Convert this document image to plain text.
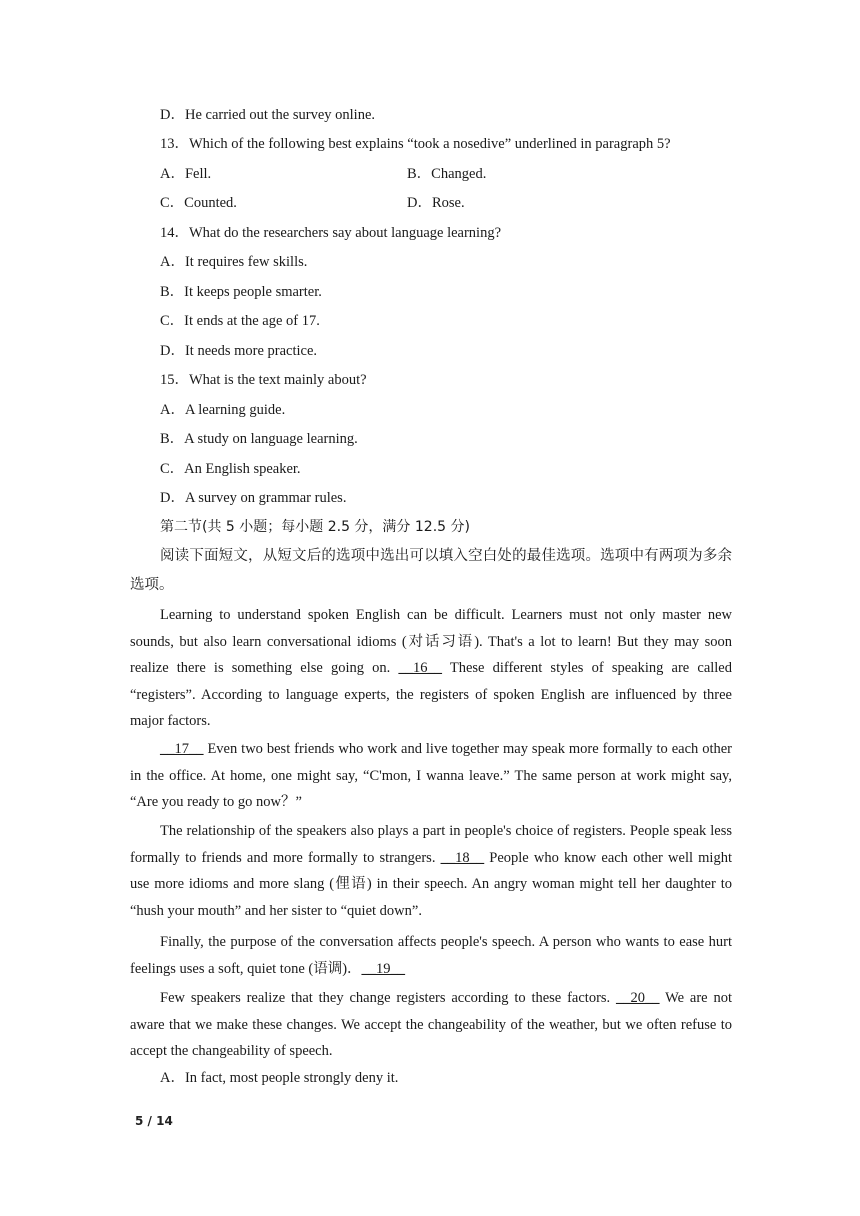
D．He carried out the survey online.
13．Which of the following best explains “took a nosedive” underlined in paragraph 5?
A．Fell.	B．Changed.
C．Counted.	D．Rose.
14．What do the researchers say about language learning?
A．It requires few skills.
B．It keeps people smarter.
C．It ends at the age of 17.
D．It needs more practice.
15．What is the text mainly about?
A．A learning guide.
B．A study on language learning.
C．An English speaker.
D．A survey on grammar rules.
第二节(共 5 小题；每小题 2.5 分，满分 12.5 分)
阅读下面短文，从短文后的选项中选出可以填入空白处的最佳选项。选项中有两项为多余选项。
Learning to understand spoken English can be difficult. Learners must not only master new sounds, but also learn conversational idioms (对话习语). That's a lot to learn! But they may soon realize there is something else going on. __16__ These different styles of speaking are called “registers”. According to language experts, the registers of spoken English are influenced by three major factors.
__17__ Even two best friends who work and live together may speak more formally to each other in the office. At home, one might say, “C'mon, I wanna leave.” The same person at work might say, “Are you ready to go now？”
The relationship of the speakers also plays a part in people's choice of registers. People speak less formally to friends and more formally to strangers. __18__ People who know each other well might use more idioms and more slang (俚语) in their speech. An angry woman might tell her daughter to “hush your mouth” and her sister to “quiet down”.
Finally, the purpose of the conversation affects people's speech. A person who wants to ease hurt feelings uses a soft, quiet tone (语调)．__19__
Few speakers realize that they change registers according to these factors. __20__ We are not aware that we make these changes. We accept the changeability of the weather, but we often refuse to accept the changeability of speech.
A．In fact, most people strongly deny it.
5 / 14
